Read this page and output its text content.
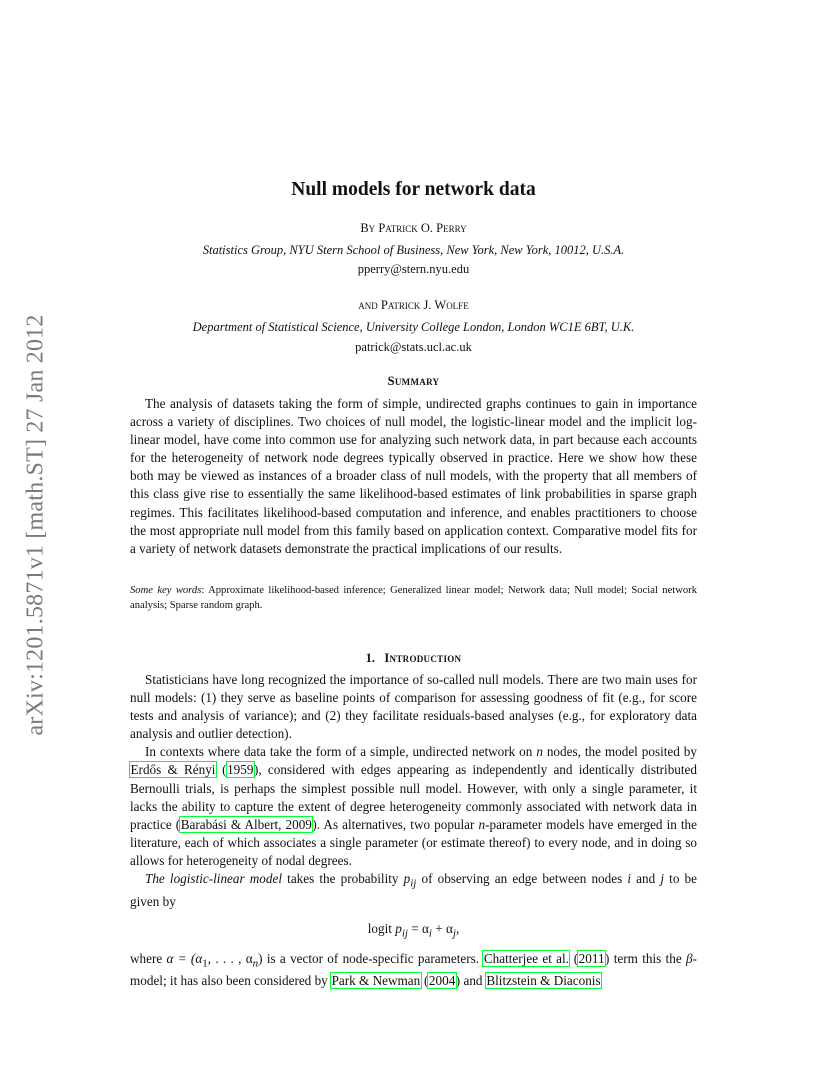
arXiv:1201.5871v1 [math.ST] 27 Jan 2012
Null models for network data

By Patrick O. Perry

Statistics Group, NYU Stern School of Business, New York, New York, 10012, U.S.A.

pperry@stern.nyu.edu

and Patrick J. Wolfe

Department of Statistical Science, University College London, London WC1E 6BT, U.K.

patrick@stats.ucl.ac.uk

Summary

The analysis of datasets taking the form of simple, undirected graphs continues to gain in importance across a variety of disciplines. Two choices of null model, the logistic-linear model and the implicit log-linear model, have come into common use for analyzing such network data, in part because each accounts for the heterogeneity of network node degrees typically observed in practice. Here we show how these both may be viewed as instances of a broader class of null models, with the property that all members of this class give rise to essentially the same likelihood-based estimates of link probabilities in sparse graph regimes. This facilitates likelihood-based computation and inference, and enables practitioners to choose the most appropriate null model from this family based on application context. Comparative model fits for a variety of network datasets demonstrate the practical implications of our results.

Some key words: Approximate likelihood-based inference; Generalized linear model; Network data; Null model; Social network analysis; Sparse random graph.

1. Introduction

Statisticians have long recognized the importance of so-called null models. There are two main uses for null models: (1) they serve as baseline points of comparison for assessing goodness of fit (e.g., for score tests and analysis of variance); and (2) they facilitate residuals-based analyses (e.g., for exploratory data analysis and outlier detection).

In contexts where data take the form of a simple, undirected network on n nodes, the model posited by Erdős & Rényi (1959), considered with edges appearing as independently and identically distributed Bernoulli trials, is perhaps the simplest possible null model. However, with only a single parameter, it lacks the ability to capture the extent of degree heterogeneity commonly associated with network data in practice (Barabási & Albert, 2009). As alternatives, two popular n-parameter models have emerged in the literature, each of which associates a single parameter (or estimate thereof) to every node, and in doing so allows for heterogeneity of nodal degrees.

The logistic-linear model takes the probability $p_{ij}$ of observing an edge between nodes i and j to be given by

logit $p_{ij} = \alpha_i + \alpha_j$,

where $\alpha = (\alpha_1$, . . . , $\alpha_n$) is a vector of node-specific parameters. Chatterjee et al. (2011) term this the β-model; it has also been considered by Park & Newman (2004) and Blitzstein & Diaconis
